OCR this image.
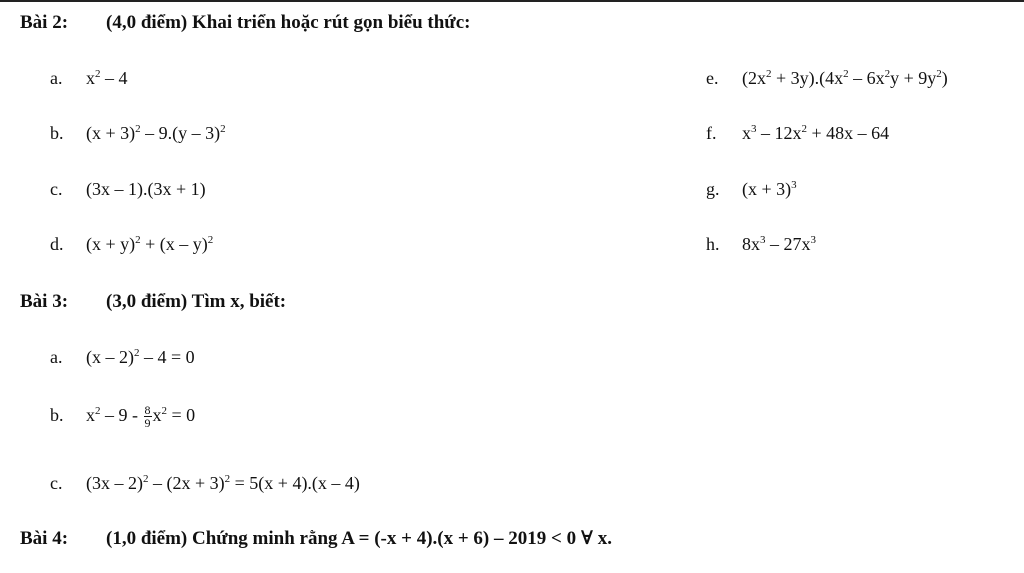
Bài 2: (4,0 điểm) Khai triển hoặc rút gọn biểu thức:
a. $x^2 - 4$
b. $(x + 3)^2 - 9.(y - 3)^2$
c. (3x – 1).(3x + 1)
d. $(x + y)^2 + (x - y)^2$
e. $(2x^2 + 3y).(4x^2 - 6x^2y + 9y^2)$
f. $x^3 - 12x^2 + 48x - 64$
g. $(x + 3)^3$
h. $8x^3 - 27x^3$
Bài 3: (3,0 điểm) Tìm x, biết:
a. (x – 2)$^2$ – 4 = 0
b. $x^2 - 9 - \frac{8}{9} x^2 = 0$
c. $(3x - 2)^2 - (2x + 3)^2 = 5(x + 4).(x - 4)$
Bài 4: (1,0 điểm) Chứng minh rằng A = (-x + 4).(x + 6) – 2019 < 0 ∀ x.
